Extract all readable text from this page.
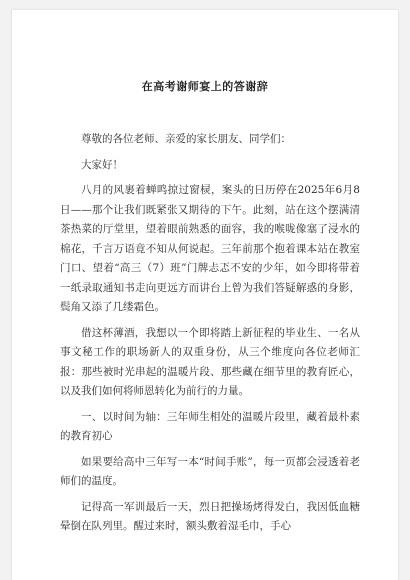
在高考谢师宴上的答谢辞

尊敬的各位老师、亲爱的家长朋友、同学们：

大家好！

八月的风裹着蝉鸣掠过窗棂，案头的日历停在2025年6月8日——那个让我们既紧张又期待的下午。此刻，站在这个摆满清茶热菜的厅堂里，望着眼前熟悉的面容，我的喉咙像塞了浸水的棉花，千言万语竟不知从何说起。三年前那个抱着课本站在教室门口、望着“高三（7）班”门牌忐忑不安的少年，如今即将带着一纸录取通知书走向更远方而讲台上曾为我们答疑解惑的身影，鬓角又添了几缕霜色。

借这杯薄酒，我想以一个即将踏上新征程的毕业生、一名从事文秘工作的职场新人的双重身份，从三个维度向各位老师汇报：那些被时光串起的温暖片段、那些藏在细节里的教育匠心，以及我们如何将师恩转化为前行的力量。

一、以时间为轴：三年师生相处的温暖片段里，藏着最朴素的教育初心

如果要给高中三年写一本“时间手账”，每一页都会浸透着老师们的温度。

记得高一军训最后一天，烈日把操场烤得发白，我因低血糖晕倒在队列里。醒过来时，额头敷着湿毛巾，手心
